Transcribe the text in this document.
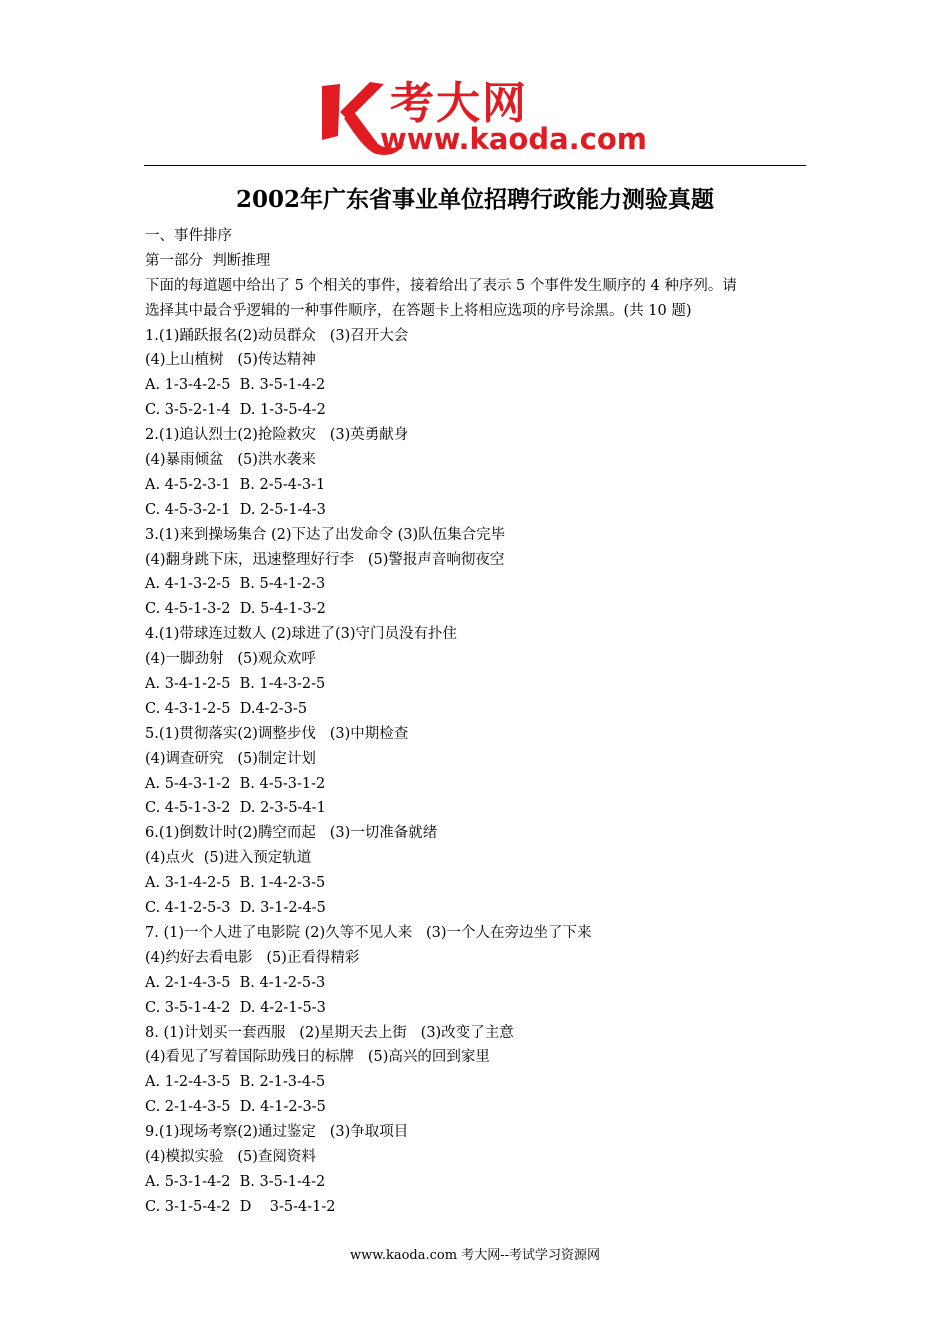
考大网
www.kaoda.com
2002年广东省事业单位招聘行政能力测验真题
一、事件排序
第一部分  判断推理
下面的每道题中给出了 5 个相关的事件，接着给出了表示 5 个事件发生顺序的 4 种序列。请
选择其中最合乎逻辑的一种事件顺序，在答题卡上将相应选项的序号涂黑。(共 10 题)
1.(1)踊跃报名(2)动员群众   (3)召开大会
(4)上山植树   (5)传达精神
A. 1-3-4-2-5  B. 3-5-1-4-2
C. 3-5-2-1-4  D. 1-3-5-4-2
2.(1)追认烈士(2)抢险救灾   (3)英勇献身
(4)暴雨倾盆   (5)洪水袭来
A. 4-5-2-3-1  B. 2-5-4-3-1
C. 4-5-3-2-1  D. 2-5-1-4-3
3.(1)来到操场集合 (2)下达了出发命令 (3)队伍集合完毕
(4)翻身跳下床，迅速整理好行李   (5)警报声音响彻夜空
A. 4-1-3-2-5  B. 5-4-1-2-3
C. 4-5-1-3-2  D. 5-4-1-3-2
4.(1)带球连过数人 (2)球进了(3)守门员没有扑住
(4)一脚劲射   (5)观众欢呼
A. 3-4-1-2-5  B. 1-4-3-2-5
C. 4-3-1-2-5  D.4-2-3-5
5.(1)贯彻落实(2)调整步伐   (3)中期检查
(4)调查研究   (5)制定计划
A. 5-4-3-1-2  B. 4-5-3-1-2
C. 4-5-1-3-2  D. 2-3-5-4-1
6.(1)倒数计时(2)腾空而起   (3)一切准备就绪
(4)点火  (5)进入预定轨道
A. 3-1-4-2-5  B. 1-4-2-3-5
C. 4-1-2-5-3  D. 3-1-2-4-5
7. (1)一个人进了电影院 (2)久等不见人来   (3)一个人在旁边坐了下来
(4)约好去看电影   (5)正看得精彩
A. 2-1-4-3-5  B. 4-1-2-5-3
C. 3-5-1-4-2  D. 4-2-1-5-3
8. (1)计划买一套西服   (2)星期天去上街   (3)改变了主意
(4)看见了写着国际助残日的标牌   (5)高兴的回到家里
A. 1-2-4-3-5  B. 2-1-3-4-5
C. 2-1-4-3-5  D. 4-1-2-3-5
9.(1)现场考察(2)通过鉴定   (3)争取项目
(4)模拟实验   (5)查阅资料
A. 5-3-1-4-2  B. 3-5-1-4-2
C. 3-1-5-4-2  D    3-5-4-1-2
www.kaoda.com 考大网--考试学习资源网
